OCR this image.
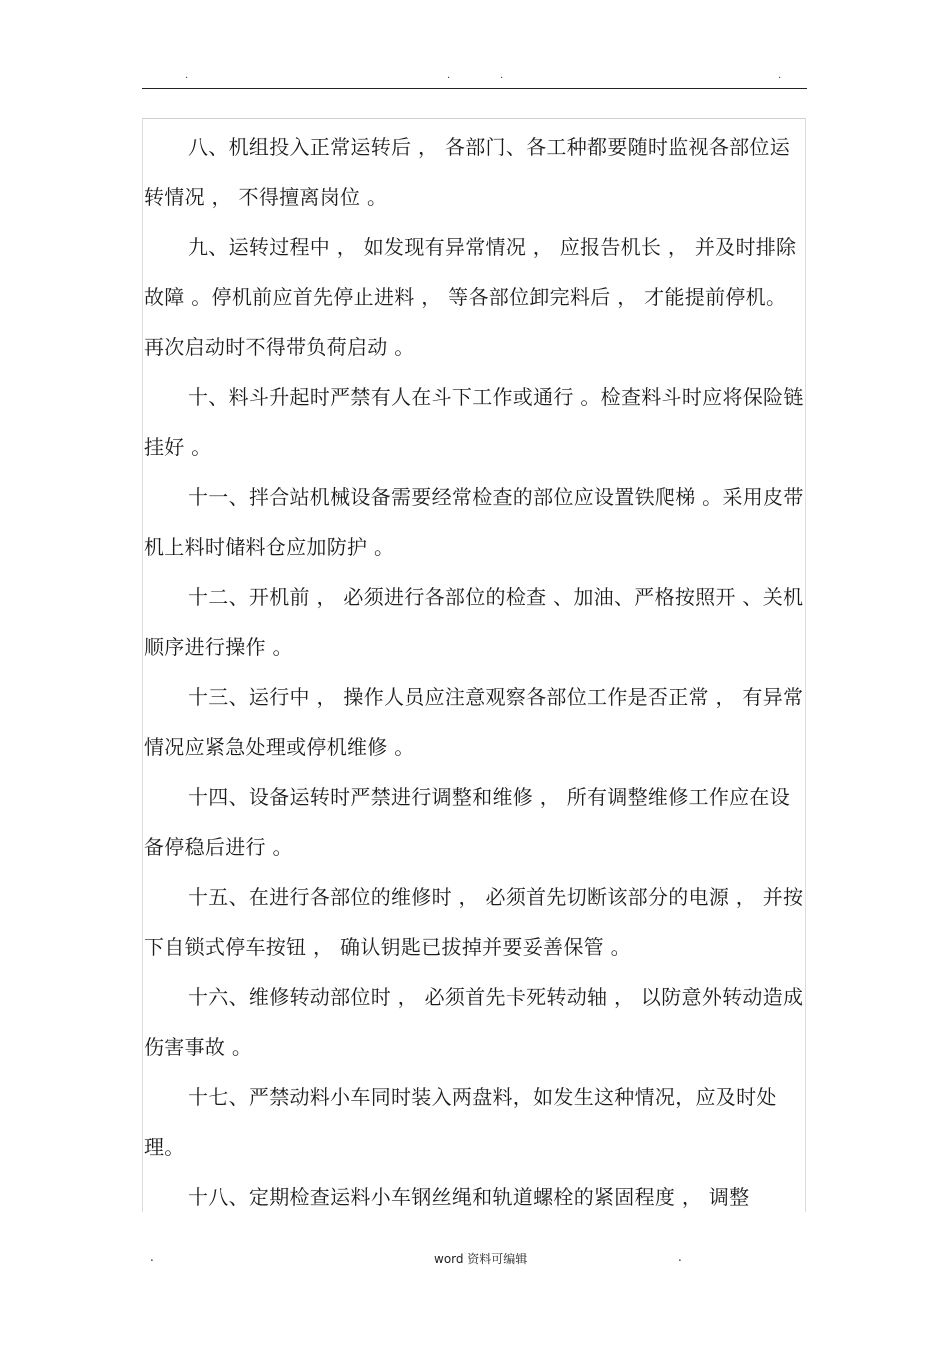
.	.	.	.

八、机组投入正常运转后 ， 各部门、各工种都要随时监视各部位运转情况 ， 不得擅离岗位 。

九、运转过程中 ， 如发现有异常情况 ， 应报告机长 ， 并及时排除故障 。停机前应首先停止进料 ， 等各部位卸完料后 ， 才能提前停机。再次启动时不得带负荷启动 。

十、料斗升起时严禁有人在斗下工作或通行 。检查料斗时应将保险链挂好 。

十一、拌合站机械设备需要经常检查的部位应设置铁爬梯 。采用皮带机上料时储料仓应加防护 。

十二、开机前 ， 必须进行各部位的检查 、加油、严格按照开 、关机顺序进行操作 。

十三、运行中 ， 操作人员应注意观察各部位工作是否正常 ， 有异常情况应紧急处理或停机维修 。

十四、设备运转时严禁进行调整和维修 ， 所有调整维修工作应在设备停稳后进行 。

十五、在进行各部位的维修时 ， 必须首先切断该部分的电源 ， 并按下自锁式停车按钮 ， 确认钥匙已拔掉并要妥善保管 。

十六、维修转动部位时 ， 必须首先卡死转动轴 ， 以防意外转动造成伤害事故 。

十七、严禁动料小车同时装入两盘料，如发生这种情况，应及时处理。

十八、定期检查运料小车钢丝绳和轨道螺栓的紧固程度 ， 调整

.	word 资料可编辑	.
